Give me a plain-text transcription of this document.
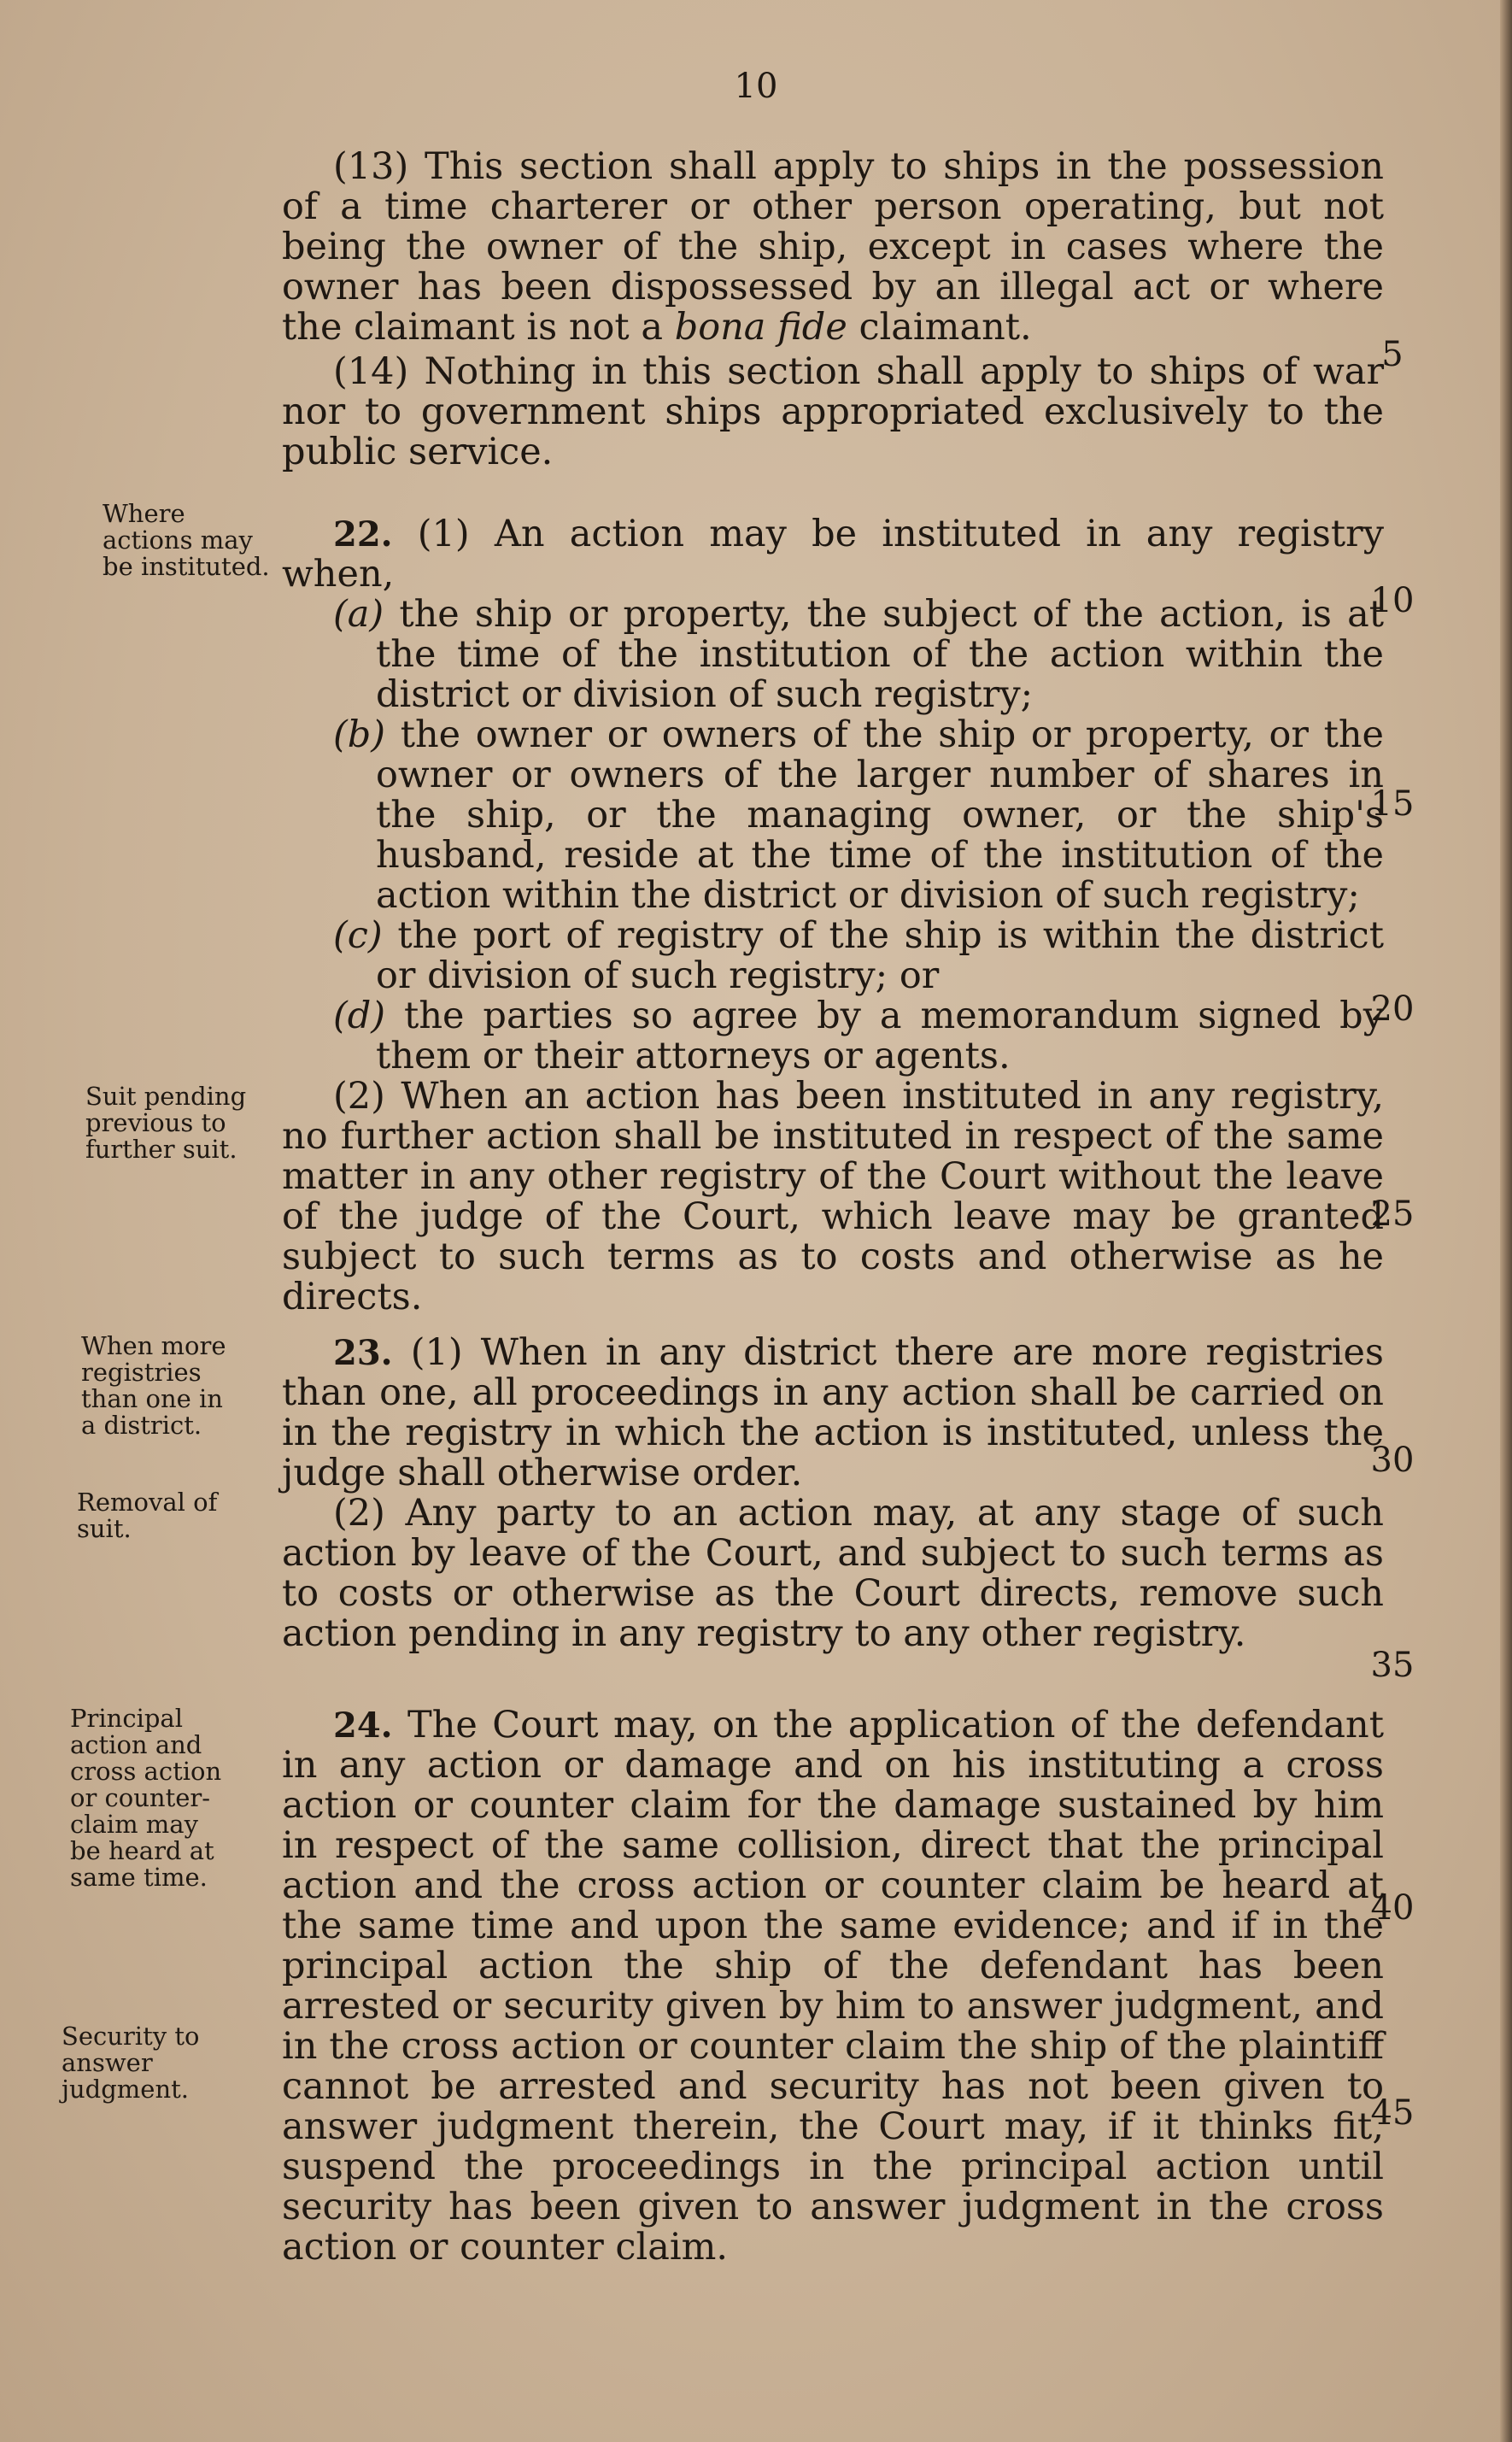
10

(13) This section shall apply to ships in the possession of a time charterer or other person operating, but not being the owner of the ship, except in cases where the owner has been dispossessed by an illegal act or where the claimant is not a bona fide claimant.

(14) Nothing in this section shall apply to ships of war nor to government ships appropriated exclusively to the public service.

22. (1) An action may be instituted in any registry when,

(a) the ship or property, the subject of the action, is at the time of the institution of the action within the district or division of such registry;

(b) the owner or owners of the ship or property, or the owner or owners of the larger number of shares in the ship, or the managing owner, or the ship's husband, reside at the time of the institution of the action within the district or division of such registry;

(c) the port of registry of the ship is within the district or division of such registry; or

(d) the parties so agree by a memorandum signed by them or their attorneys or agents.

(2) When an action has been instituted in any registry, no further action shall be instituted in respect of the same matter in any other registry of the Court without the leave of the judge of the Court, which leave may be granted subject to such terms as to costs and otherwise as he directs.

23. (1) When in any district there are more registries than one, all proceedings in any action shall be carried on in the registry in which the action is instituted, unless the judge shall otherwise order.

(2) Any party to an action may, at any stage of such action by leave of the Court, and subject to such terms as to costs or otherwise as the Court directs, remove such action pending in any registry to any other registry.

24. The Court may, on the application of the defendant in any action or damage and on his instituting a cross action or counter claim for the damage sustained by him in respect of the same collision, direct that the principal action and the cross action or counter claim be heard at the same time and upon the same evidence; and if in the principal action the ship of the defendant has been arrested or security given by him to answer judgment, and in the cross action or counter claim the ship of the plaintiff cannot be arrested and security has not been given to answer judgment therein, the Court may, if it thinks fit, suspend the proceedings in the principal action until security has been given to answer judgment in the cross action or counter claim.

Where actions may be instituted.
Suit pending previous to further suit.
When more registries than one in a district.
Removal of suit.
Principal action and cross action or counter-claim may be heard at same time.
Security to answer judgment.
5
10
15
20
25
30
35
40
45
